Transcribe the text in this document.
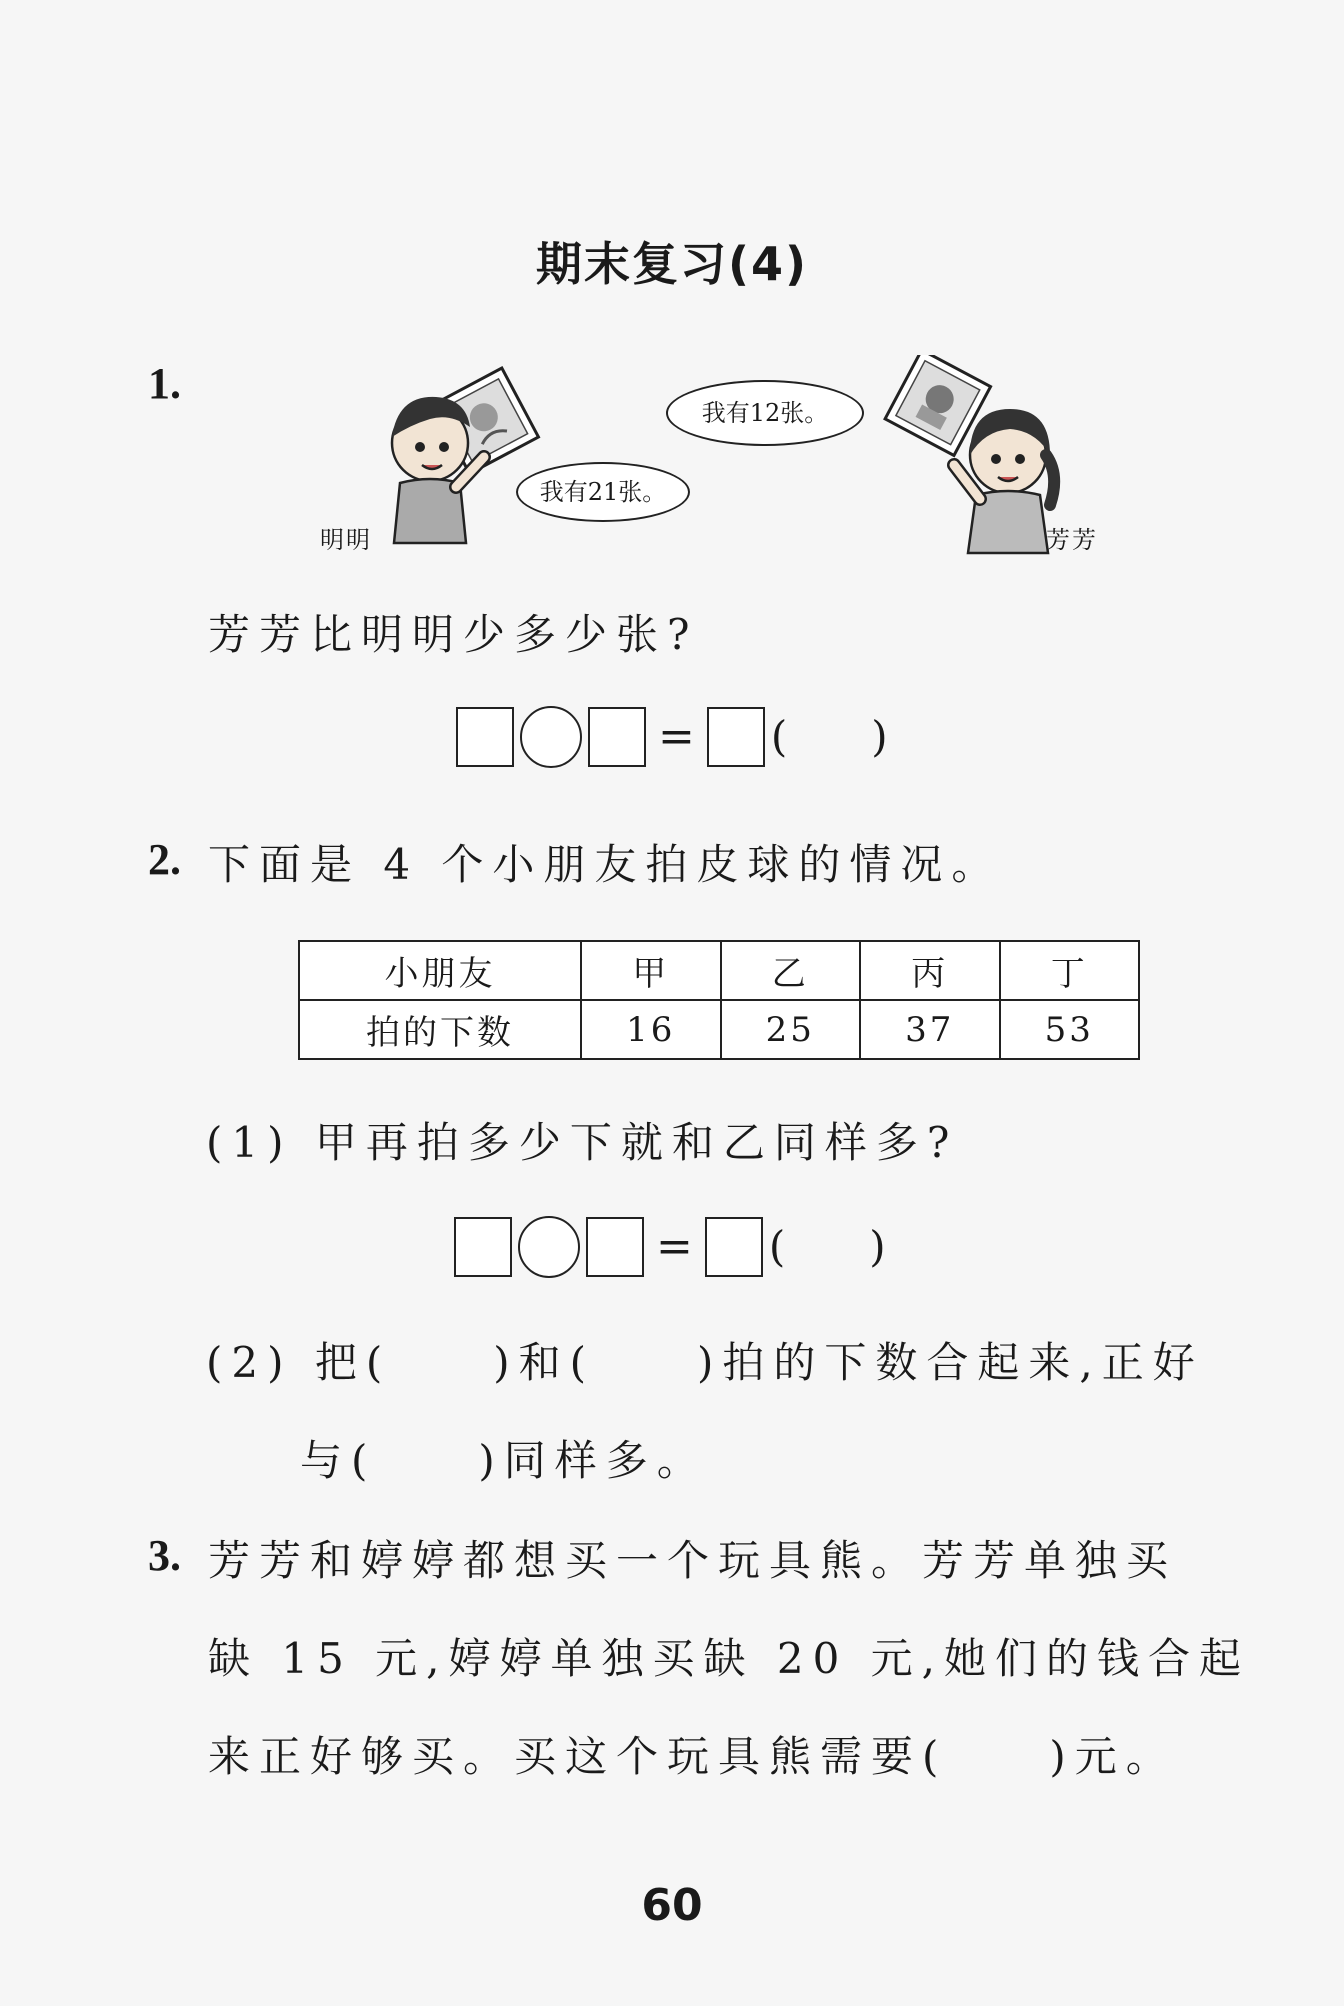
期末复习(4)
1.
我有21张。
明明
我有12张。
芳芳
芳芳比明明少多少张?
= (　　)
2. 下面是 4 个小朋友拍皮球的情况。
小朋友	甲	乙	丙	丁
拍的下数	16	25	37	53
(1) 甲再拍多少下就和乙同样多?
= (　　)
(2) 把(　　)和(　　)拍的下数合起来,正好
与(　　)同样多。
3. 芳芳和婷婷都想买一个玩具熊。芳芳单独买
缺 15 元,婷婷单独买缺 20 元,她们的钱合起
来正好够买。买这个玩具熊需要(　　)元。
60
